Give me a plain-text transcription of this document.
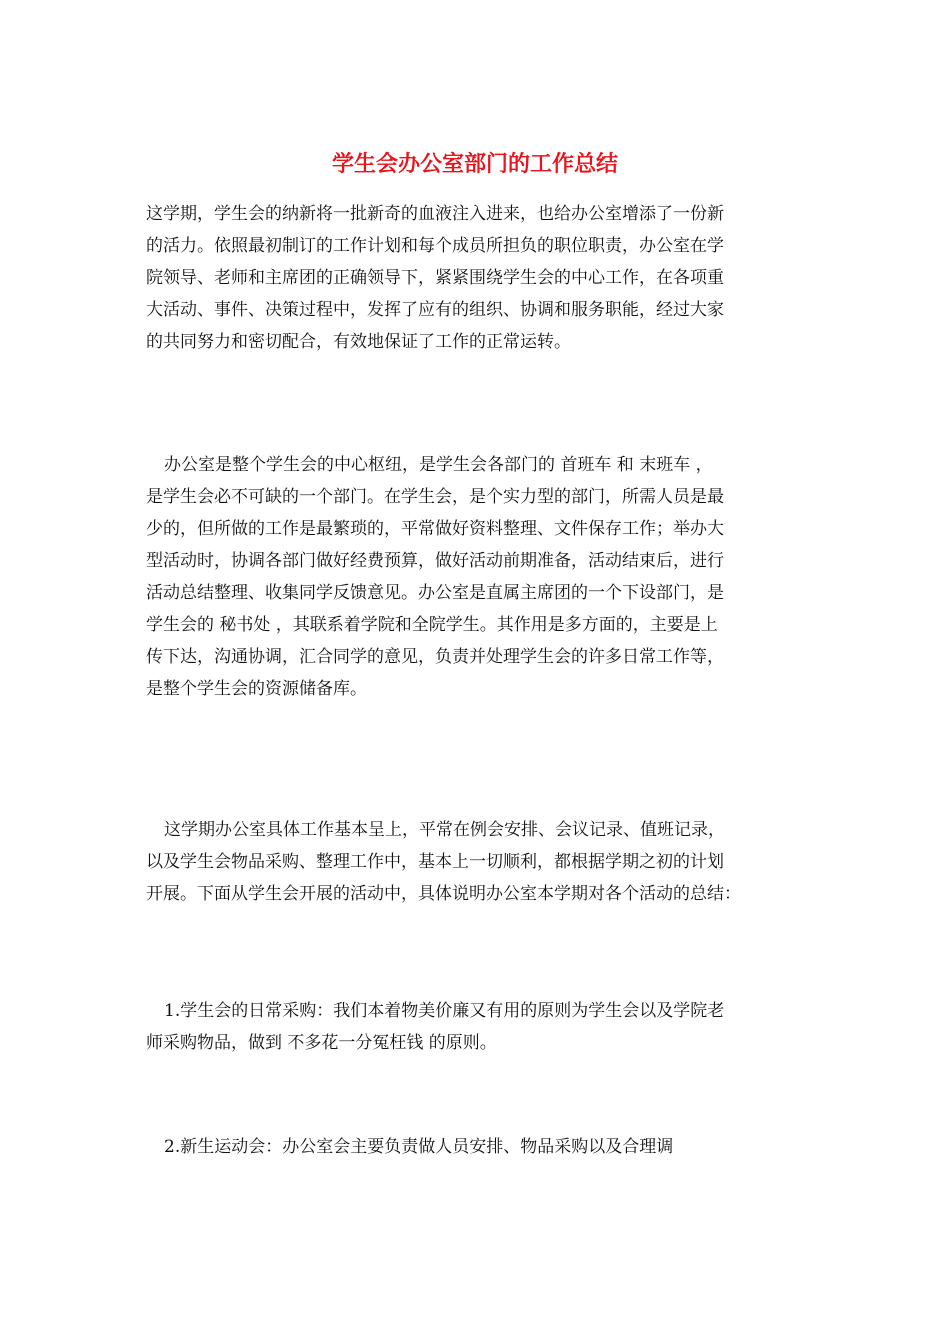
学生会办公室部门的工作总结
这学期，学生会的纳新将一批新奇的血液注入进来，也给办公室增添了一份新
的活力。依照最初制订的工作计划和每个成员所担负的职位职责，办公室在学
院领导、老师和主席团的正确领导下，紧紧围绕学生会的中心工作，在各项重
大活动、事件、决策过程中，发挥了应有的组织、协调和服务职能，经过大家
的共同努力和密切配合，有效地保证了工作的正常运转。
办公室是整个学生会的中心枢纽，是学生会各部门的 首班车 和 末班车 ，
是学生会必不可缺的一个部门。在学生会，是个实力型的部门，所需人员是最
少的，但所做的工作是最繁琐的，平常做好资料整理、文件保存工作；举办大
型活动时，协调各部门做好经费预算，做好活动前期准备，活动结束后，进行
活动总结整理、收集同学反馈意见。办公室是直属主席团的一个下设部门，是
学生会的 秘书处 ，其联系着学院和全院学生。其作用是多方面的，主要是上
传下达，沟通协调，汇合同学的意见，负责并处理学生会的许多日常工作等，
是整个学生会的资源储备库。
这学期办公室具体工作基本呈上，平常在例会安排、会议记录、值班记录，
以及学生会物品采购、整理工作中，基本上一切顺利，都根据学期之初的计划
开展。下面从学生会开展的活动中，具体说明办公室本学期对各个活动的总结：
1.学生会的日常采购：我们本着物美价廉又有用的原则为学生会以及学院老
师采购物品，做到 不多花一分冤枉钱 的原则。
2.新生运动会：办公室会主要负责做人员安排、物品采购以及合理调
